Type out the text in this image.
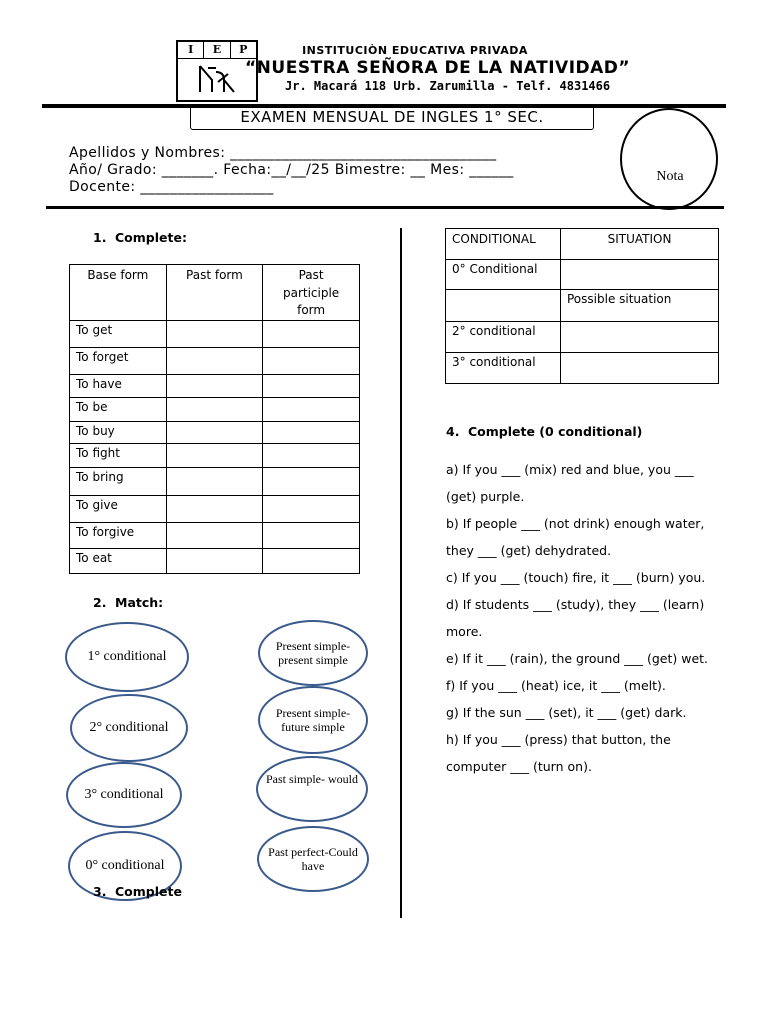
I	E	P	INSTITUCIÒN EDUCATIVA PRIVADA
“NUESTRA SEÑORA DE LA NATIVIDAD”
Jr. Macará 118 Urb. Zarumilla - Telf. 4831466
EXAMEN MENSUAL DE INGLES 1° SEC.
Nota
Apellidos y Nombres: ____________________________________
Año/ Grado: _______. Fecha:__/__/25 Bimestre: __ Mes: ______
Docente: __________________
1. Complete:
Base form	Past form	Past participle form
To get		
To forget		
To have		
To be		
To buy		
To fight		
To bring		
To give		
To forgive		
To eat		
2. Match:
1° conditional
2° conditional
3° conditional
0° conditional
Present simple-present simple
Present simple-future simple
Past simple- would
Past perfect-Could have
3. Complete
CONDITIONAL	SITUATION
0° Conditional	
	Possible situation
2° conditional	
3° conditional	
4. Complete (0 conditional)

a) If you ___ (mix) red and blue, you ___ (get) purple.

b) If people ___ (not drink) enough water, they ___ (get) dehydrated.

c) If you ___ (touch) fire, it ___ (burn) you.

d) If students ___ (study), they ___ (learn) more.

e) If it ___ (rain), the ground ___ (get) wet.

f) If you ___ (heat) ice, it ___ (melt).

g) If the sun ___ (set), it ___ (get) dark.

h) If you ___ (press) that button, the computer ___ (turn on).
